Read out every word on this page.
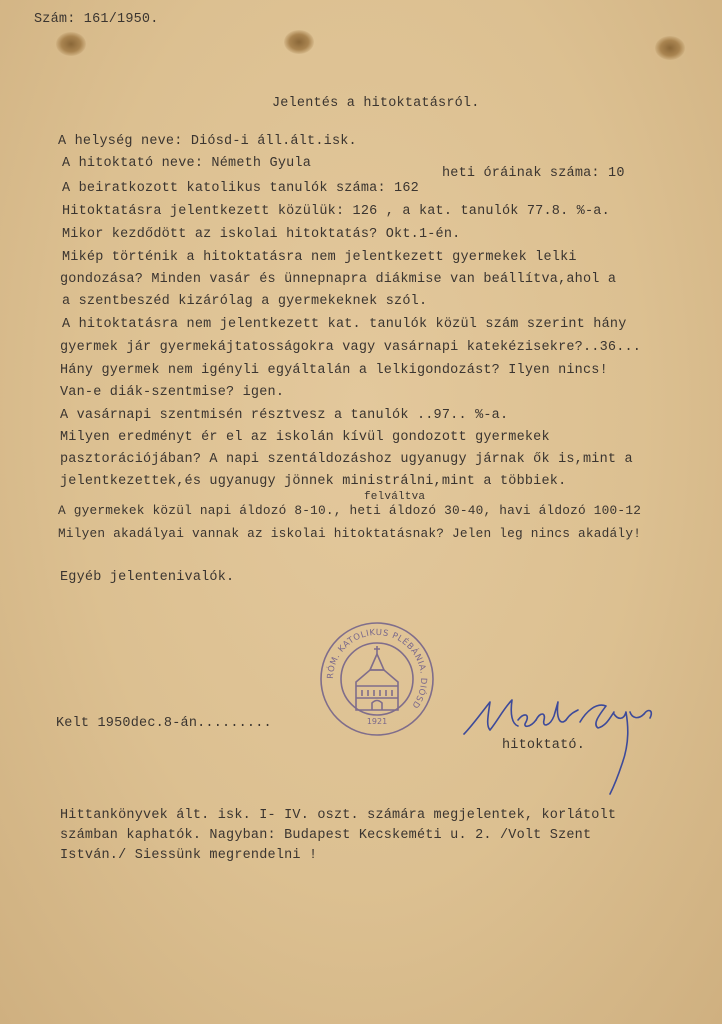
Szám: 161/1950.
Jelentés a hitoktatásról.
A helység neve: Diósd-i áll.ált.isk.
A hitoktató neve: Németh Gyula
heti óráinak száma: 10
A beiratkozott katolikus tanulók száma: 162
Hitoktatásra jelentkezett közülük: 126 , a kat. tanulók 77.8. %-a.
Mikor kezdődött az iskolai hitoktatás? Okt.1-én.
Mikép történik a hitoktatásra nem jelentkezett gyermekek lelki
gondozása? Minden vasár és ünnepnapra diákmise van beállítva,ahol a
a szentbeszéd kizárólag a gyermekeknek szól.
A hitoktatásra nem jelentkezett kat. tanulók közül szám szerint hány
gyermek jár gyermekájtatosságokra vagy vasárnapi katekézisekre?..36...
Hány gyermek nem igényli egyáltalán a lelkigondozást? Ilyen nincs!
Van-e diák-szentmise? igen.
A vasárnapi szentmisén résztvesz a tanulók ..97.. %-a.
Milyen eredményt ér el az iskolán kívül gondozott gyermekek
pasztorációjában? A napi szentáldozáshoz ugyanugy járnak ők is,mint a
jelentkezettek,és ugyanugy jönnek ministrálni,mint a többiek.
felváltva
A gyermekek közül napi áldozó 8-10., heti áldozó 30-40, havi áldozó 100-12
Milyen akadályai vannak az iskolai hitoktatásnak? Jelen leg nincs akadály!
Egyéb jelentenivalók.
RÓM. KATOLIKUS PLÉBÁNIA. DIÓSD
1921
Kelt 1950dec.8-án.........
Németh Gyula
hitoktató.
Hittankönyvek ált. isk. I- IV. oszt. számára megjelentek, korlátolt
számban kaphatók. Nagyban: Budapest Kecskeméti u. 2. /Volt Szent
István./ Siessünk megrendelni !
